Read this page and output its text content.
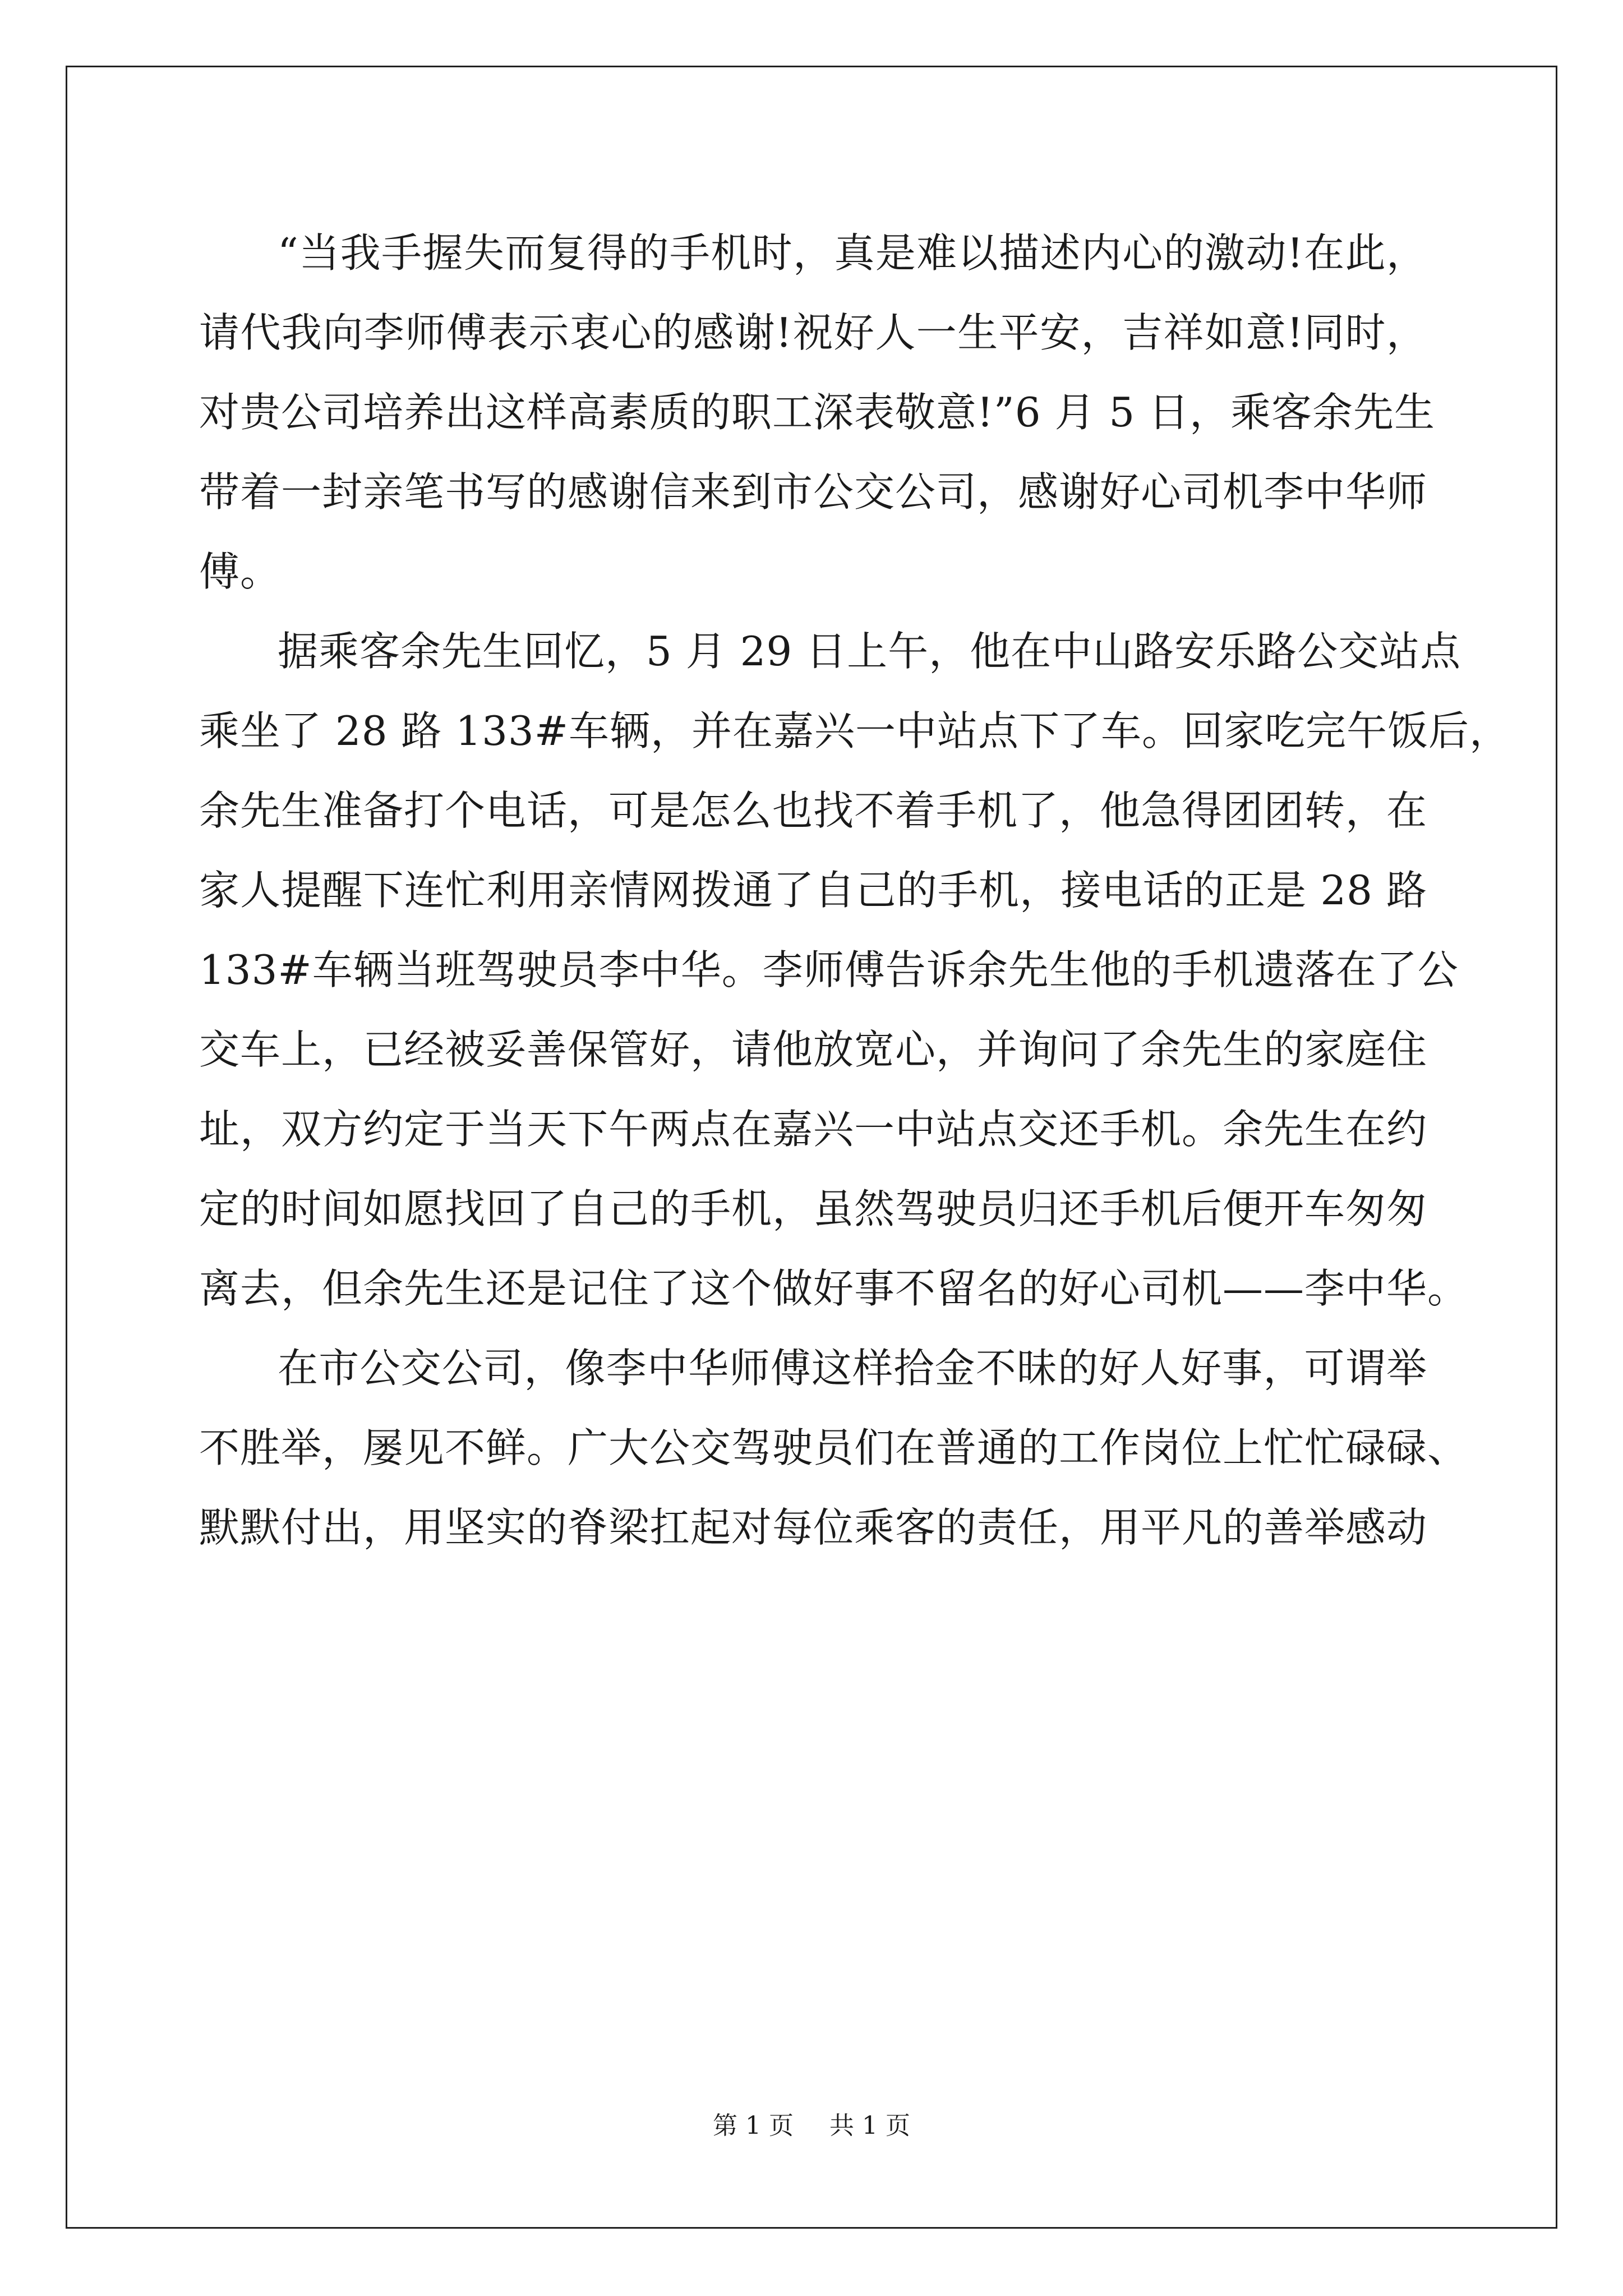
“当我手握失而复得的手机时，真是难以描述内心的激动!在此，
请代我向李师傅表示衷心的感谢!祝好人一生平安，吉祥如意!同时，
对贵公司培养出这样高素质的职工深表敬意!”6 月 5 日，乘客余先生
带着一封亲笔书写的感谢信来到市公交公司，感谢好心司机李中华师
傅。

据乘客余先生回忆，5 月 29 日上午，他在中山路安乐路公交站点
乘坐了 28 路 133#车辆，并在嘉兴一中站点下了车。回家吃完午饭后，
余先生准备打个电话，可是怎么也找不着手机了，他急得团团转，在
家人提醒下连忙利用亲情网拨通了自己的手机，接电话的正是 28 路
133#车辆当班驾驶员李中华。李师傅告诉余先生他的手机遗落在了公
交车上，已经被妥善保管好，请他放宽心，并询问了余先生的家庭住
址，双方约定于当天下午两点在嘉兴一中站点交还手机。余先生在约
定的时间如愿找回了自己的手机，虽然驾驶员归还手机后便开车匆匆
离去，但余先生还是记住了这个做好事不留名的好心司机——李中华。

在市公交公司，像李中华师傅这样拾金不昧的好人好事，可谓举
不胜举，屡见不鲜。广大公交驾驶员们在普通的工作岗位上忙忙碌碌、
默默付出，用坚实的脊梁扛起对每位乘客的责任，用平凡的善举感动

第 1 页 共 1 页
